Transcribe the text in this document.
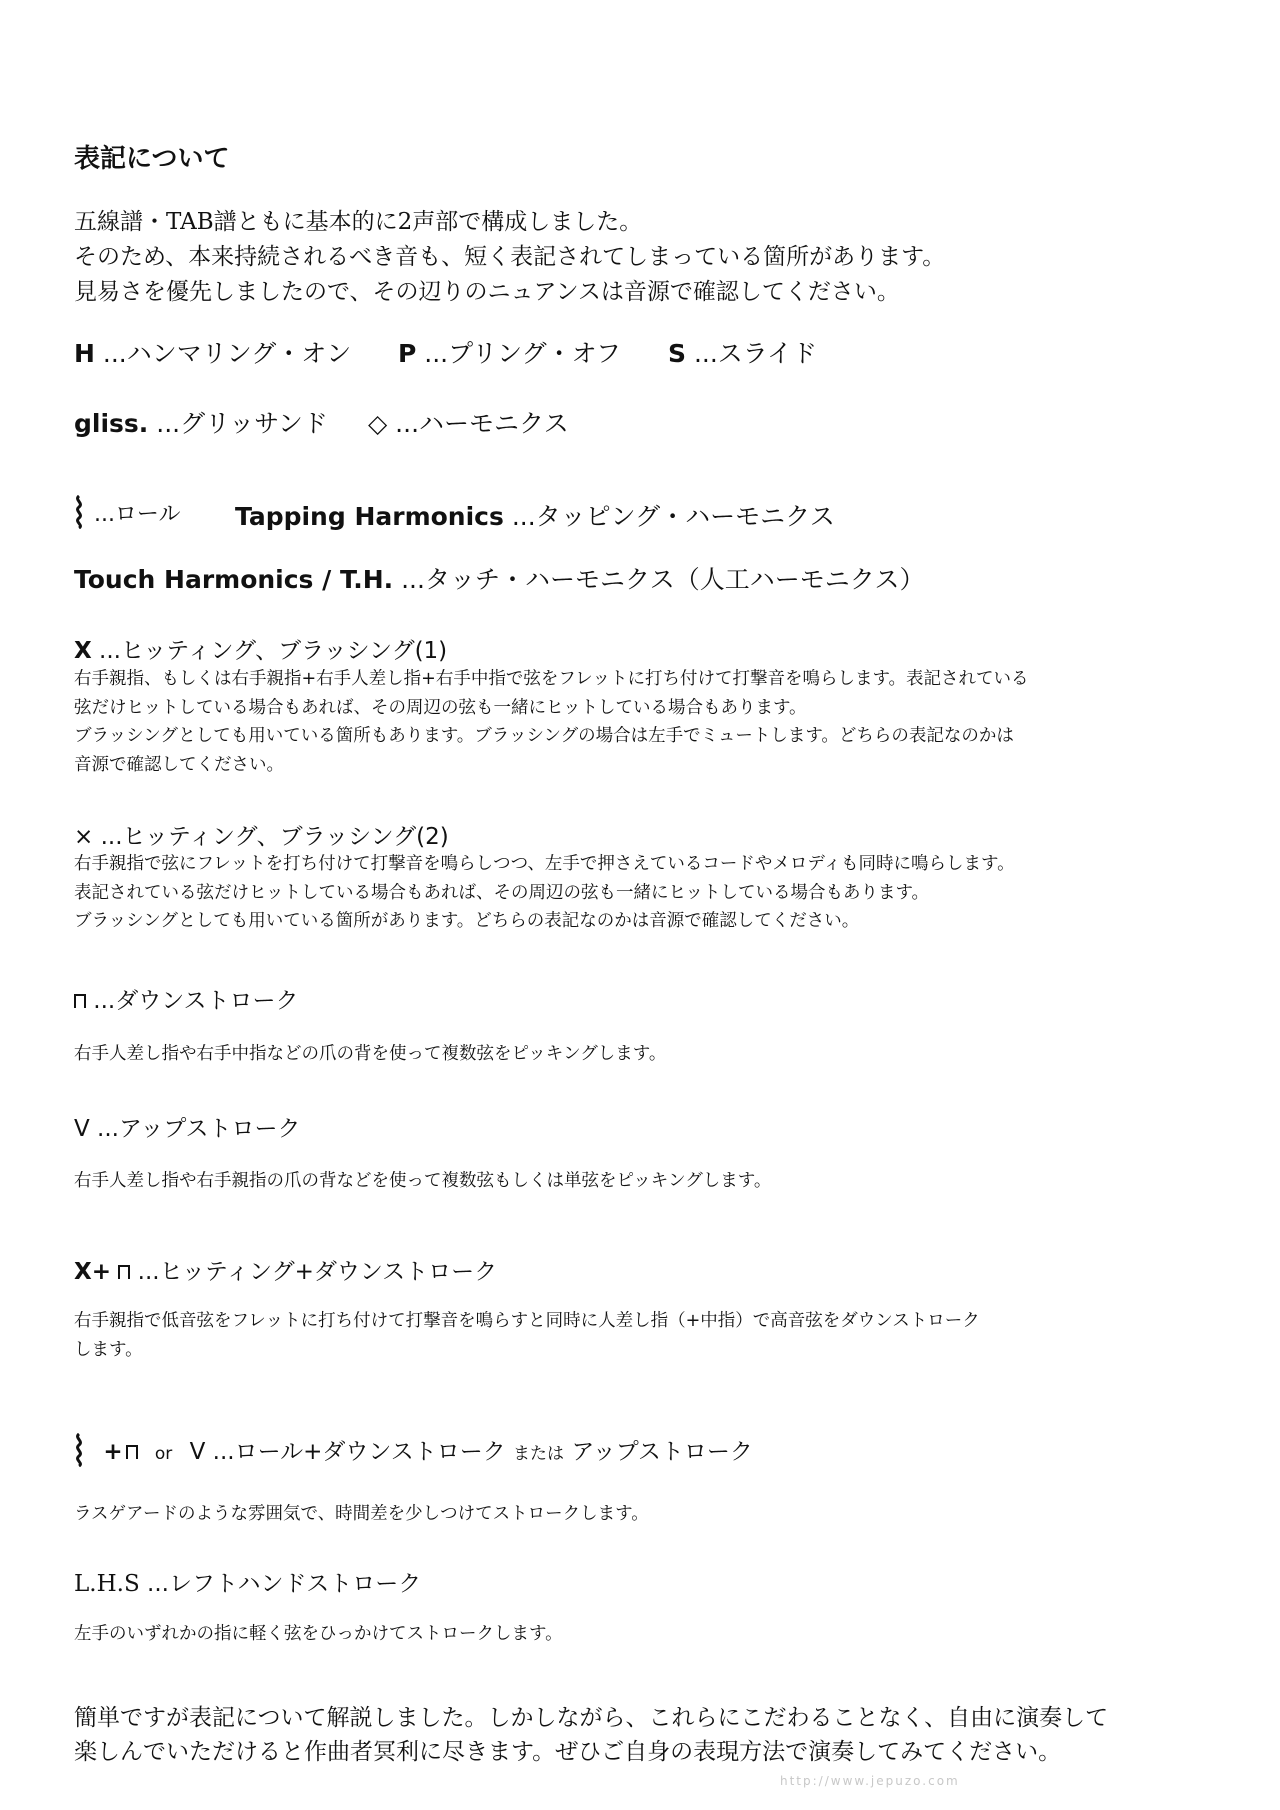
表記について
五線譜・TAB譜ともに基本的に2声部で構成しました。
そのため、本来持続されるべき音も、短く表記されてしまっている箇所があります。
見易さを優先しましたので、その辺りのニュアンスは音源で確認してください。
H ...ハンマリング・オン P ...プリング・オフ S ...スライド
gliss. ...グリッサンド ◇ ...ハーモニクス
...ロール Tapping Harmonics ...タッピング・ハーモニクス
Touch Harmonics / T.H. ...タッチ・ハーモニクス（人工ハーモニクス）
X ...ヒッティング、ブラッシング(1)
右手親指、もしくは右手親指+右手人差し指+右手中指で弦をフレットに打ち付けて打撃音を鳴らします。表記されている
弦だけヒットしている場合もあれば、その周辺の弦も一緒にヒットしている場合もあります。
ブラッシングとしても用いている箇所もあります。ブラッシングの場合は左手でミュートします。どちらの表記なのかは
音源で確認してください。
× ...ヒッティング、ブラッシング(2)
右手親指で弦にフレットを打ち付けて打撃音を鳴らしつつ、左手で押さえているコードやメロディも同時に鳴らします。
表記されている弦だけヒットしている場合もあれば、その周辺の弦も一緒にヒットしている場合もあります。
ブラッシングとしても用いている箇所があります。どちらの表記なのかは音源で確認してください。
...ダウンストローク
右手人差し指や右手中指などの爪の背を使って複数弦をピッキングします。
V ...アップストローク
右手人差し指や右手親指の爪の背などを使って複数弦もしくは単弦をピッキングします。
X+  ...ヒッティング+ダウンストローク
右手親指で低音弦をフレットに打ち付けて打撃音を鳴らすと同時に人差し指（+中指）で高音弦をダウンストローク
します。
+ or V ...ロール+ダウンストローク または アップストローク
ラスゲアードのような雰囲気で、時間差を少しつけてストロークします。
L.H.S ...レフトハンドストローク
左手のいずれかの指に軽く弦をひっかけてストロークします。
簡単ですが表記について解説しました。しかしながら、これらにこだわることなく、自由に演奏して
楽しんでいただけると作曲者冥利に尽きます。ぜひご自身の表現方法で演奏してみてください。
http://www.jepuzo.com
